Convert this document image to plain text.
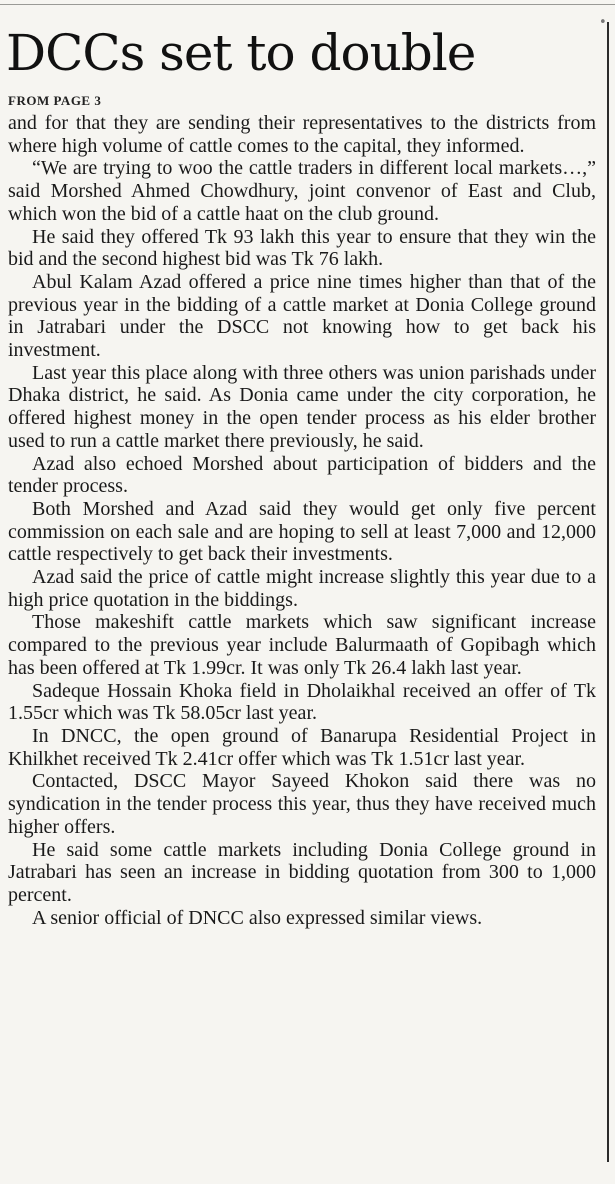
•
DCCs set to double
FROM PAGE 3

and for that they are sending their representatives to the districts from where high volume of cattle comes to the capital, they informed.

“We are trying to woo the cattle traders in different local markets…,” said Morshed Ahmed Chowdhury, joint convenor of East and Club, which won the bid of a cattle haat on the club ground.

He said they offered Tk 93 lakh this year to ensure that they win the bid and the second highest bid was Tk 76 lakh.

Abul Kalam Azad offered a price nine times higher than that of the previous year in the bidding of a cattle market at Donia College ground in Jatrabari under the DSCC not knowing how to get back his investment.

Last year this place along with three others was union parishads under Dhaka district, he said. As Donia came under the city corporation, he offered highest money in the open tender process as his elder brother used to run a cattle market there previously, he said.

Azad also echoed Morshed about participation of bidders and the tender process.

Both Morshed and Azad said they would get only five percent commission on each sale and are hoping to sell at least 7,000 and 12,000 cattle respectively to get back their investments.

Azad said the price of cattle might increase slightly this year due to a high price quotation in the biddings.

Those makeshift cattle markets which saw significant increase compared to the previous year include Balurmaath of Gopibagh which has been offered at Tk 1.99cr. It was only Tk 26.4 lakh last year.

Sadeque Hossain Khoka field in Dholaikhal received an offer of Tk 1.55cr which was Tk 58.05cr last year.

In DNCC, the open ground of Banarupa Residential Project in Khilkhet received Tk 2.41cr offer which was Tk 1.51cr last year.

Contacted, DSCC Mayor Sayeed Khokon said there was no syndication in the tender process this year, thus they have received much higher offers.

He said some cattle markets including Donia College ground in Jatrabari has seen an increase in bidding quotation from 300 to 1,000 percent.

A senior official of DNCC also expressed similar views.
